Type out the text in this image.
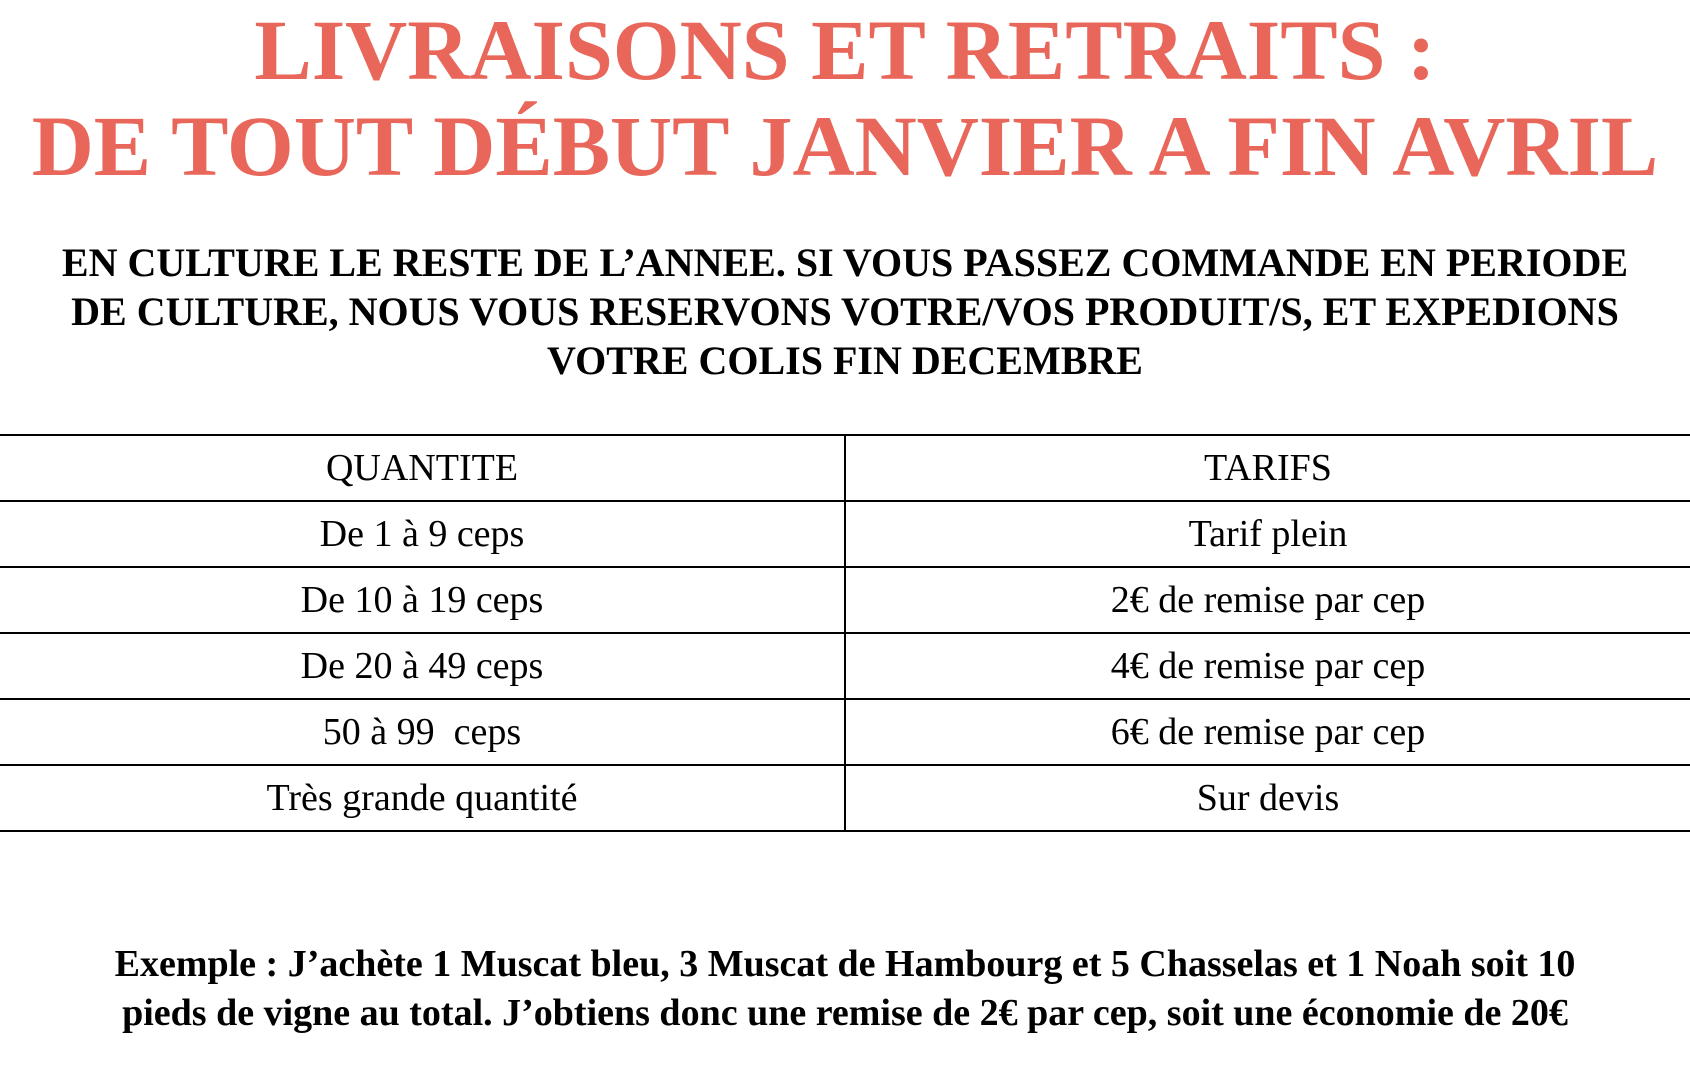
LIVRAISONS ET RETRAITS :
DE TOUT DÉBUT JANVIER A FIN AVRIL
EN CULTURE LE RESTE DE L’ANNEE. SI VOUS PASSEZ COMMANDE EN PERIODE
DE CULTURE, NOUS VOUS RESERVONS VOTRE/VOS PRODUIT/S, ET EXPEDIONS
VOTRE COLIS FIN DECEMBRE
QUANTITE	TARIFS
De 1 à 9 ceps	Tarif plein
De 10 à 19 ceps	2€ de remise par cep
De 20 à 49 ceps	4€ de remise par cep
50 à 99  ceps	6€ de remise par cep
Très grande quantité	Sur devis
Exemple : J’achète 1 Muscat bleu, 3 Muscat de Hambourg et 5 Chasselas et 1 Noah soit 10
pieds de vigne au total. J’obtiens donc une remise de 2€ par cep, soit une économie de 20€
